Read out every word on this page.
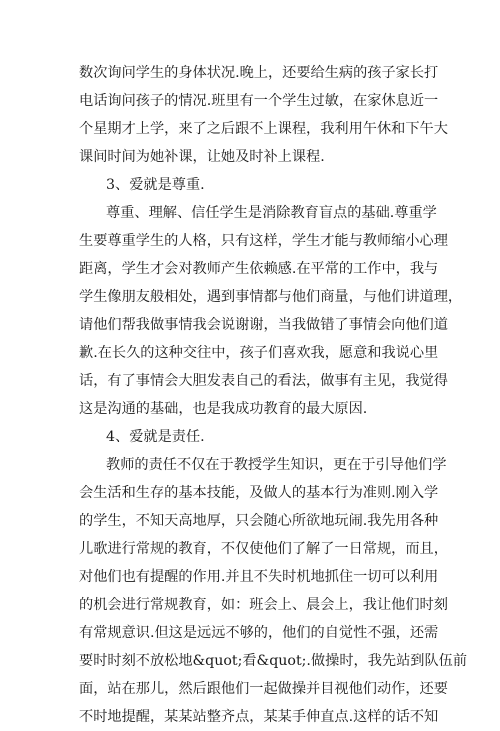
数次询问学生的身体状况.晚上，还要给生病的孩子家长打
电话询问孩子的情况.班里有一个学生过敏，在家休息近一
个星期才上学，来了之后跟不上课程，我利用午休和下午大
课间时间为她补课，让她及时补上课程.
3、爱就是尊重.
尊重、理解、信任学生是消除教育盲点的基础.尊重学
生要尊重学生的人格，只有这样，学生才能与教师缩小心理
距离，学生才会对教师产生依赖感.在平常的工作中，我与
学生像朋友般相处，遇到事情都与他们商量，与他们讲道理，
请他们帮我做事情我会说谢谢，当我做错了事情会向他们道
歉.在长久的这种交往中，孩子们喜欢我，愿意和我说心里
话，有了事情会大胆发表自己的看法，做事有主见，我觉得
这是沟通的基础，也是我成功教育的最大原因.
4、爱就是责任.
教师的责任不仅在于教授学生知识，更在于引导他们学
会生活和生存的基本技能，及做人的基本行为准则.刚入学
的学生，不知天高地厚，只会随心所欲地玩闹.我先用各种
儿歌进行常规的教育，不仅使他们了解了一日常规，而且，
对他们也有提醒的作用.并且不失时机地抓住一切可以利用
的机会进行常规教育，如：班会上、晨会上，我让他们时刻
有常规意识.但这是远远不够的，他们的自觉性不强，还需
要时时刻不放松地&quot;看&quot;.做操时，我先站到队伍前
面，站在那儿，然后跟他们一起做操并目视他们动作，还要
不时地提醒，某某站整齐点，某某手伸直点.这样的话不知
